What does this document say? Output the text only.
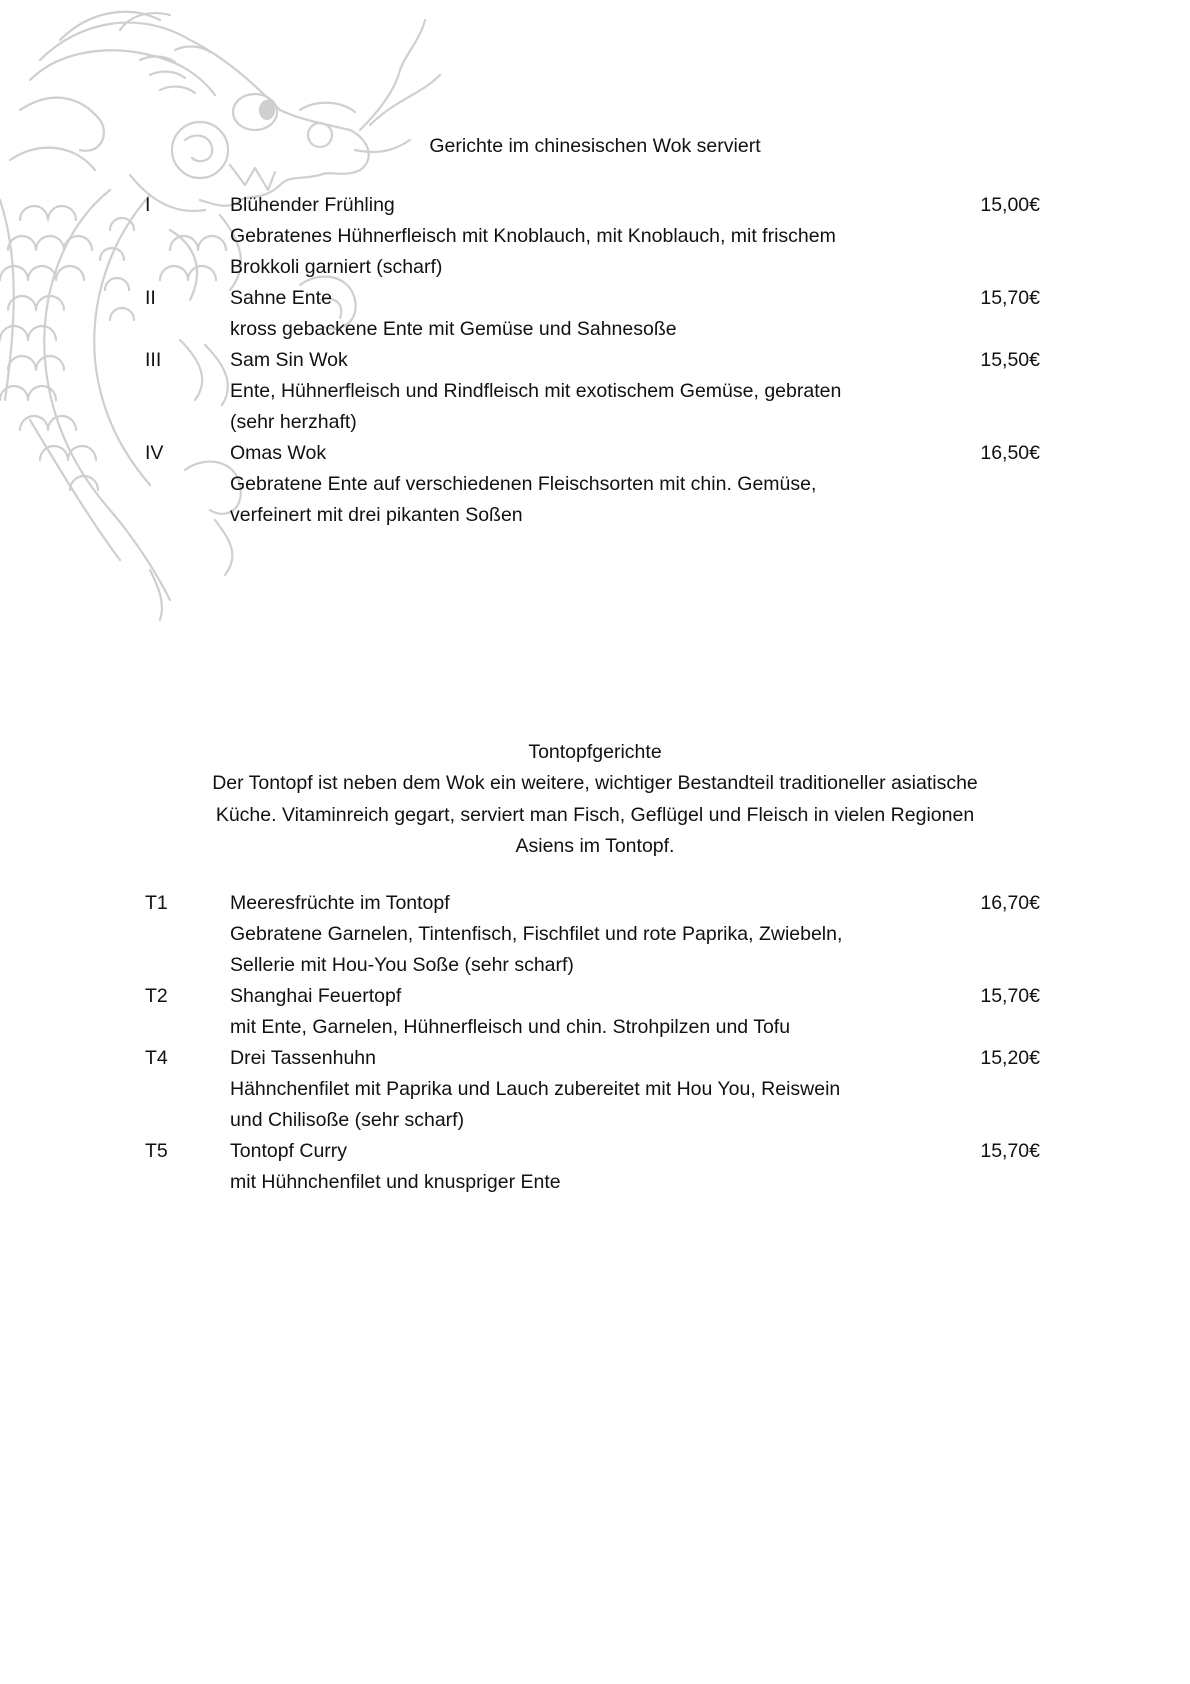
Gerichte im chinesischen Wok serviert
I	Blühender Frühling	15,00€
Gebratenes Hühnerfleisch mit Knoblauch, mit Knoblauch, mit frischem
Brokkoli garniert (scharf)
II	Sahne Ente	15,70€
kross gebackene Ente mit Gemüse und Sahnesoße
III	Sam Sin Wok	15,50€
Ente, Hühnerfleisch und Rindfleisch mit exotischem Gemüse, gebraten
(sehr herzhaft)
IV	Omas Wok	16,50€
Gebratene Ente auf verschiedenen Fleischsorten mit chin. Gemüse,
verfeinert mit drei pikanten Soßen
Tontopfgerichte
Der Tontopf ist neben dem Wok ein weitere, wichtiger Bestandteil traditioneller asiatische
Küche. Vitaminreich gegart, serviert man Fisch, Geflügel und Fleisch in vielen Regionen
Asiens im Tontopf.
T1	Meeresfrüchte im Tontopf	16,70€
Gebratene Garnelen, Tintenfisch, Fischfilet und rote Paprika, Zwiebeln,
Sellerie mit Hou-You Soße (sehr scharf)
T2	Shanghai Feuertopf	15,70€
mit Ente, Garnelen, Hühnerfleisch und chin. Strohpilzen und Tofu
T4	Drei Tassenhuhn	15,20€
Hähnchenfilet mit Paprika und Lauch zubereitet mit Hou You, Reiswein
und Chilisoße (sehr scharf)
T5	Tontopf Curry	15,70€
mit Hühnchenfilet und knuspriger Ente
